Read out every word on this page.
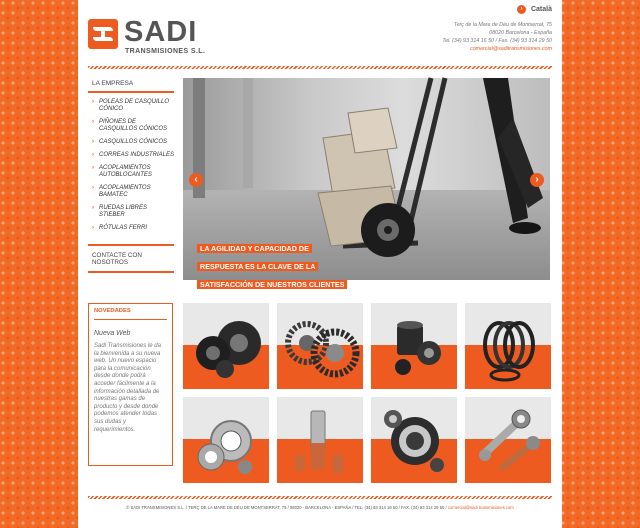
SADI
TRANSMISIONES S.L.
›	Català
Terç de la Mare de Déu de Montserrat, 75
08020 Barcelona - España
Tel. (34) 93 314 16 50 / Fax. (34) 93 314 29 50
comercial@saditransmisiones.com
LA EMPRESA
› POLEAS DE CASQUILLO CÓNICO
› PIÑONES DE CASQUILLOS CÓNICOS
› CASQUILLOS CÓNICOS
› CORREAS INDUSTRIALES
› ACOPLAMIENTOS AUTOBLOCANTES
› ACOPLAMIENTOS BAMATEC
› RUEDAS LIBRES STIEBER
› RÓTULAS FERRI
CONTACTE CON NOSOTROS
‹	›
LA AGILIDAD Y CAPACIDAD DE
RESPUESTA ES LA CLAVE DE LA
SATISFACCIÓN DE NUESTROS CLIENTES
NOVEDADES
Nueva Web
Sadi Transmisiones le da la bienvenida a su nueva web. Un nuevo espacio para la comunicación desde donde podrá acceder fácilmente a la información detallada de nuestras gamas de producto y desde donde podemos atender todas sus dudas y requerimientos.
© SADI TRANSMISIONES S.L. / TERÇ DE LA MARE DE DÉU DE MONTSERRAT, 75 / 08020 - BARCELONA - ESPAÑA / TEL. (34) 93 314 16 50 / FAX. (34) 93 314 29 50 / comercial@sadi transmisiones.com
